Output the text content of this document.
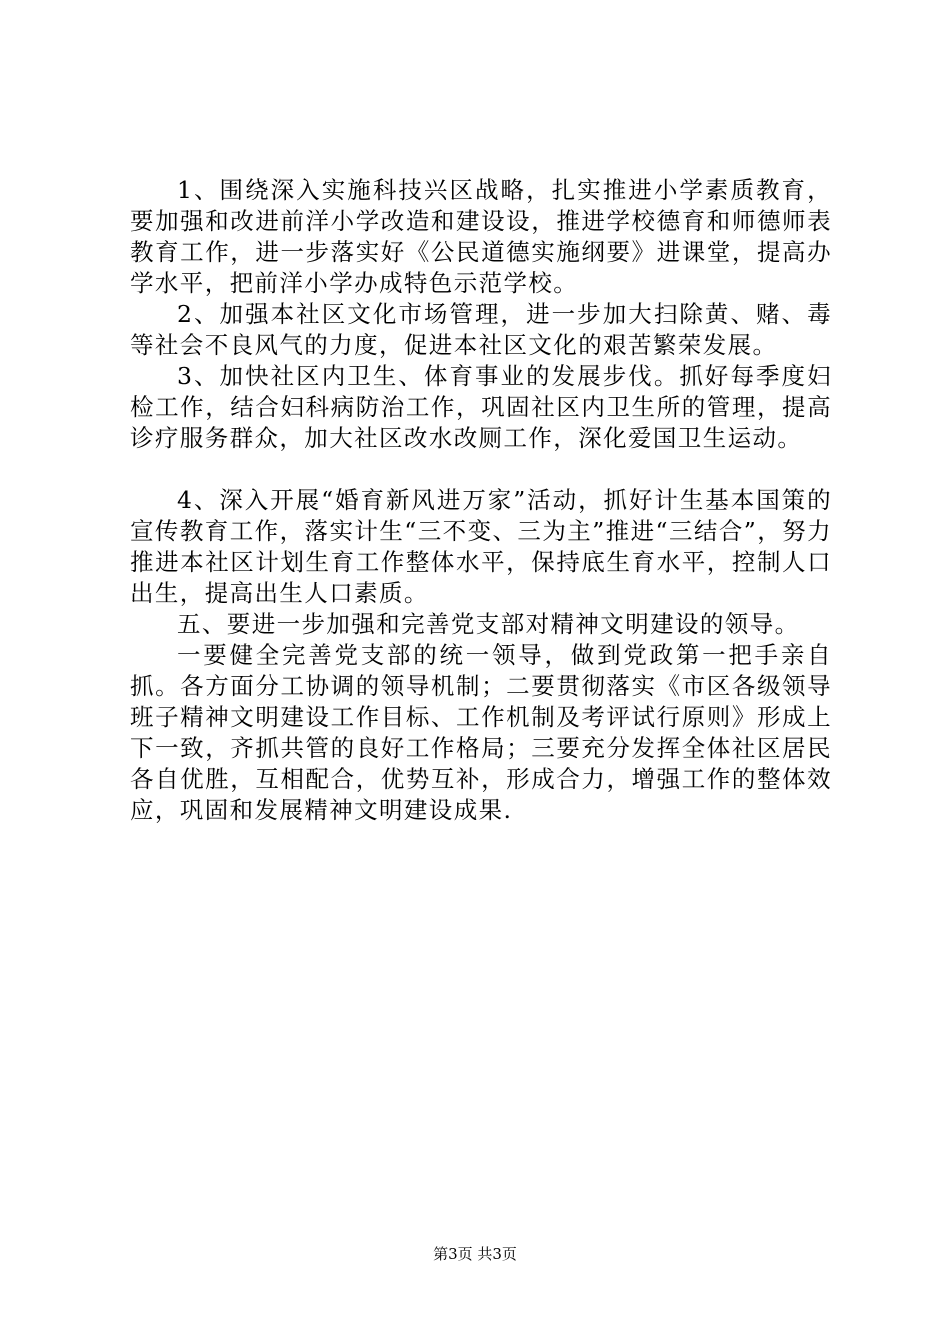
1、围绕深入实施科技兴区战略，扎实推进小学素质教育，要加强和改进前洋小学改造和建设设，推进学校德育和师德师表教育工作，进一步落实好《公民道德实施纲要》进课堂，提高办学水平，把前洋小学办成特色示范学校。

2、加强本社区文化市场管理，进一步加大扫除黄、赌、毒等社会不良风气的力度，促进本社区文化的艰苦繁荣发展。

3、加快社区内卫生、体育事业的发展步伐。抓好每季度妇检工作，结合妇科病防治工作，巩固社区内卫生所的管理，提高诊疗服务群众，加大社区改水改厕工作，深化爱国卫生运动。

4、深入开展“婚育新风进万家”活动，抓好计生基本国策的宣传教育工作，落实计生“三不变、三为主”推进“三结合”，努力推进本社区计划生育工作整体水平，保持底生育水平，控制人口出生，提高出生人口素质。

五、要进一步加强和完善党支部对精神文明建设的领导。

一要健全完善党支部的统一领导，做到党政第一把手亲自抓。各方面分工协调的领导机制；二要贯彻落实《市区各级领导班子精神文明建设工作目标、工作机制及考评试行原则》形成上下一致，齐抓共管的良好工作格局；三要充分发挥全体社区居民各自优胜，互相配合，优势互补，形成合力，增强工作的整体效应，巩固和发展精神文明建设成果.

第3页 共3页
